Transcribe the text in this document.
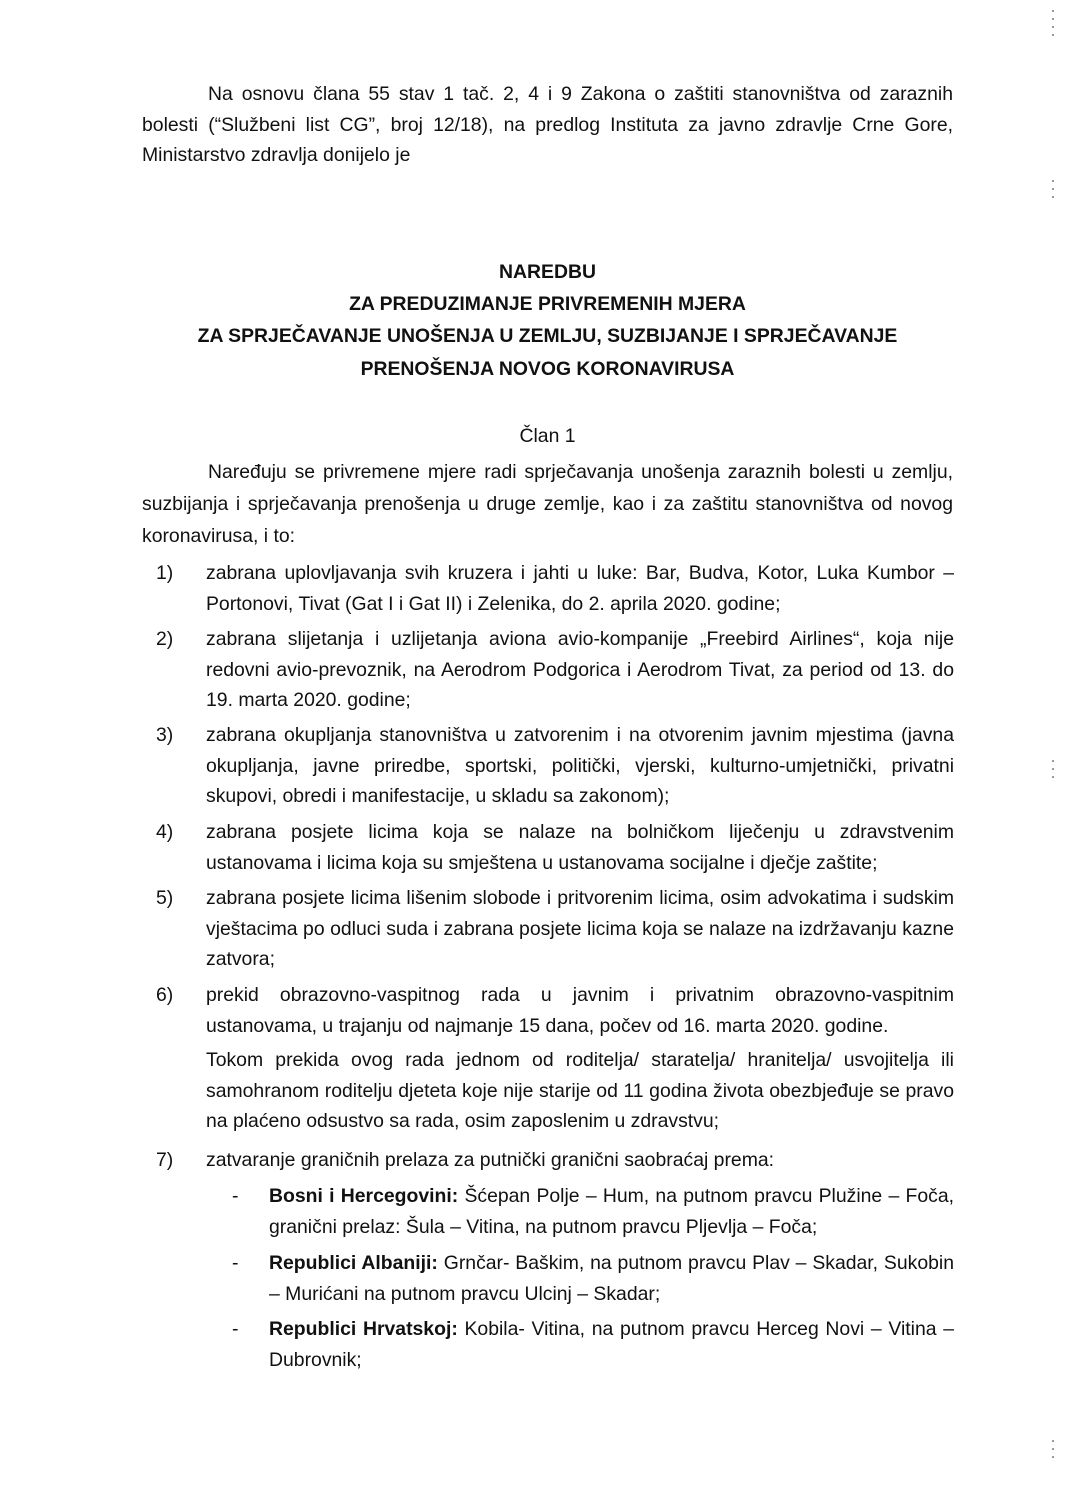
Na osnovu člana 55 stav 1 tač. 2, 4 i 9 Zakona o zaštiti stanovništva od zaraznih bolesti (“Službeni list CG”, broj 12/18), na predlog Instituta za javno zdravlje Crne Gore, Ministarstvo zdravlja donijelo je

NAREDBU
ZA PREDUZIMANJE PRIVREMENIH MJERA
ZA SPRJEČAVANJE UNOŠENJA U ZEMLJU, SUZBIJANJE I SPRJEČAVANJE
PRENOŠENJA NOVOG KORONAVIRUSA
Član 1

Naređuju se privremene mjere radi sprječavanja unošenja zaraznih bolesti u zemlju, suzbijanja i sprječavanja prenošenja u druge zemlje, kao i za zaštitu stanovništva od novog koronavirusa, i to:

1)	zabrana uplovljavanja svih kruzera i jahti u luke: Bar, Budva, Kotor, Luka Kumbor – Portonovi, Tivat (Gat I i Gat II) i Zelenika, do 2. aprila 2020. godine;
2)	zabrana slijetanja i uzlijetanja aviona avio-kompanije „Freebird Airlines“, koja nije redovni avio-prevoznik, na Aerodrom Podgorica i Aerodrom Tivat, za period od 13. do 19. marta 2020. godine;
3)	zabrana okupljanja stanovništva u zatvorenim i na otvorenim javnim mjestima (javna okupljanja, javne priredbe, sportski, politički, vjerski, kulturno-umjetnički, privatni skupovi, obredi i manifestacije, u skladu sa zakonom);
4)	zabrana posjete licima koja se nalaze na bolničkom liječenju u zdravstvenim ustanovama i licima koja su smještena u ustanovama socijalne i dječje zaštite;
5)	zabrana posjete licima lišenim slobode i pritvorenim licima, osim advokatima i sudskim vještacima po odluci suda i zabrana posjete licima koja se nalaze na izdržavanju kazne zatvora;
6)	prekid obrazovno-vaspitnog rada u javnim i privatnim obrazovno-vaspitnim ustanovama, u trajanju od najmanje 15 dana, počev od 16. marta 2020. godine.

Tokom prekida ovog rada jednom od roditelja/ staratelja/ hranitelja/ usvojitelja ili samohranom roditelju djeteta koje nije starije od 11 godina života obezbjeđuje se pravo na plaćeno odsustvo sa rada, osim zaposlenim u zdravstvu;

7)	zatvaranje graničnih prelaza za putnički granični saobraćaj prema:
-	Bosni i Hercegovini: Šćepan Polje – Hum, na putnom pravcu Plužine – Foča, granični prelaz: Šula – Vitina, na putnom pravcu Pljevlja – Foča;
-	Republici Albaniji: Grnčar- Baškim, na putnom pravcu Plav – Skadar, Sukobin – Murićani na putnom pravcu Ulcinj – Skadar;
-	Republici Hrvatskoj: Kobila- Vitina, na putnom pravcu Herceg Novi – Vitina –Dubrovnik;
